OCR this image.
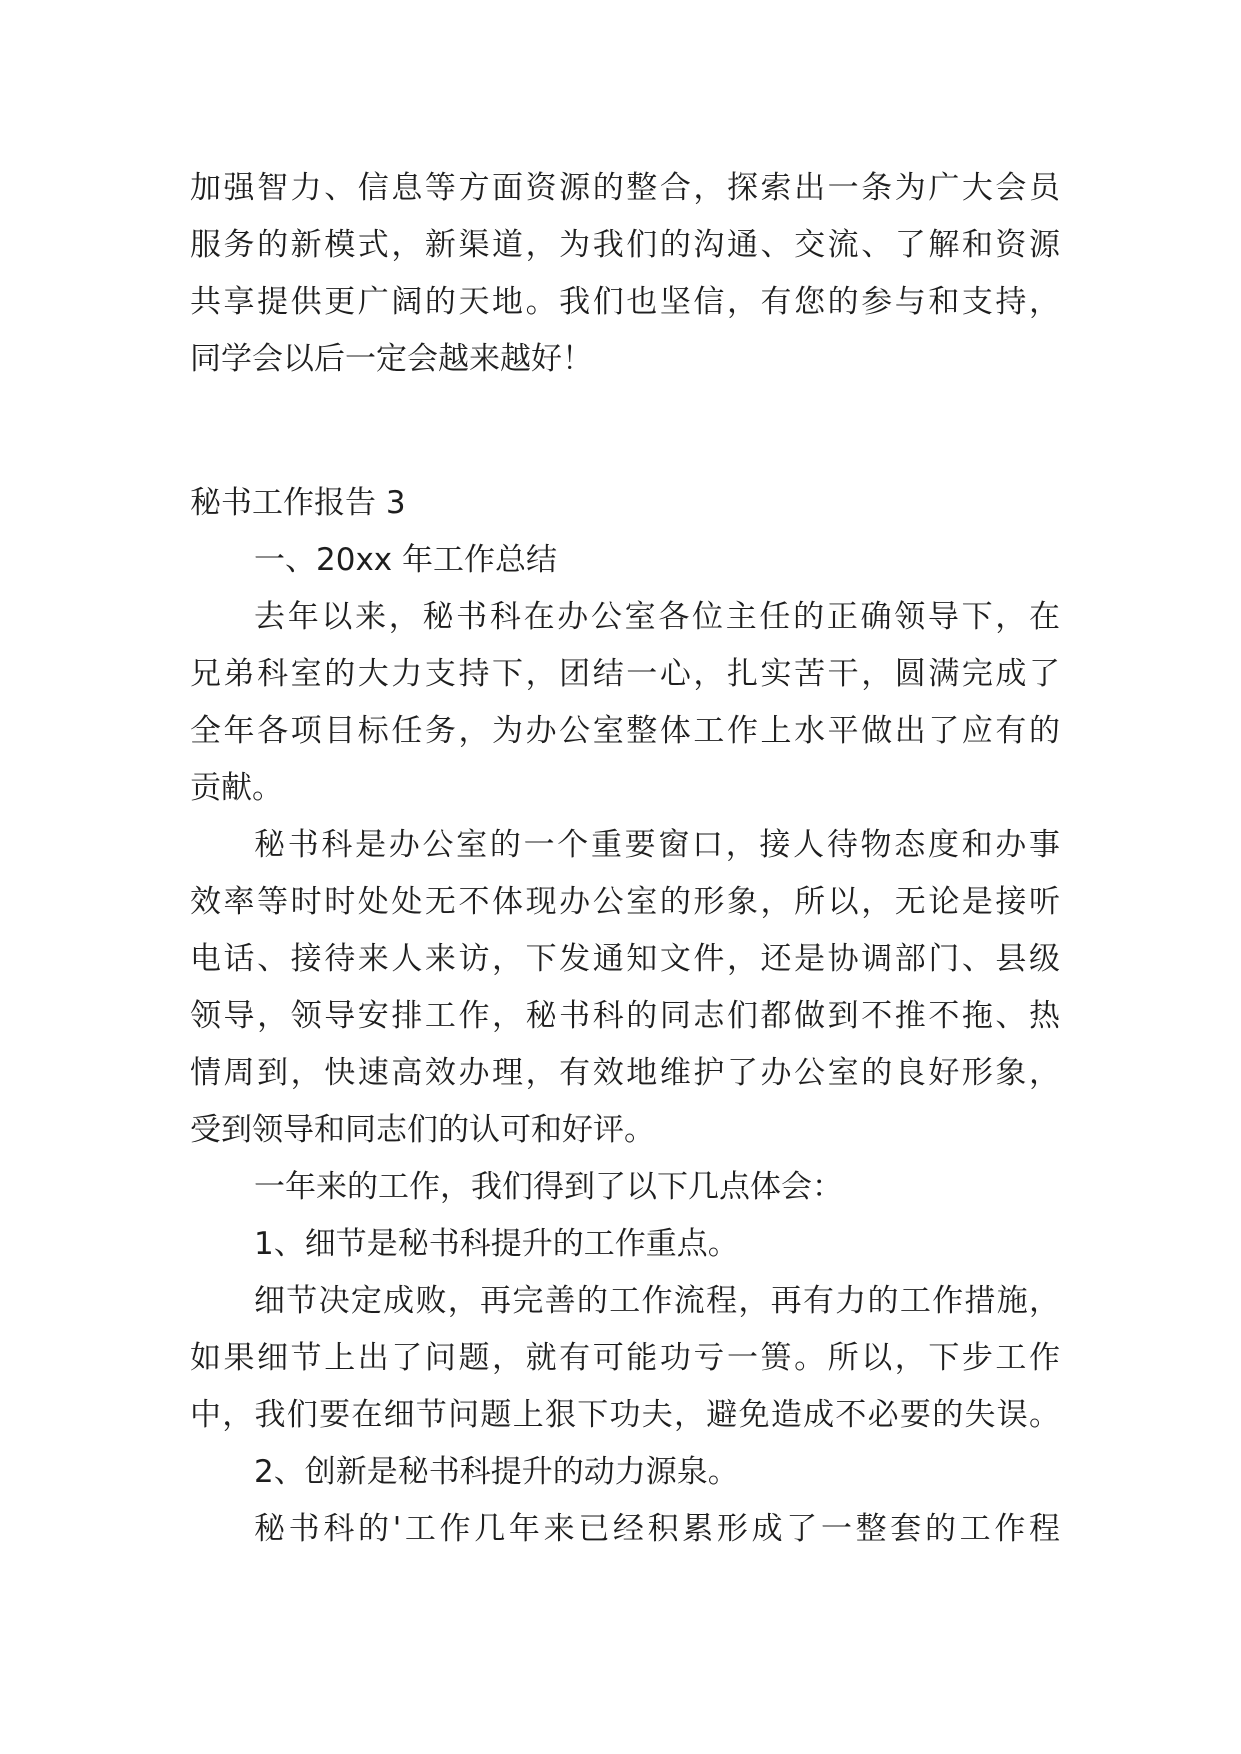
加强智力、信息等方面资源的整合，探索出一条为广大会员
服务的新模式，新渠道，为我们的沟通、交流、了解和资源
共享提供更广阔的天地。我们也坚信，有您的参与和支持，
同学会以后一定会越来越好！
秘书工作报告 3
一、20xx 年工作总结
去年以来，秘书科在办公室各位主任的正确领导下，在
兄弟科室的大力支持下，团结一心，扎实苦干，圆满完成了
全年各项目标任务，为办公室整体工作上水平做出了应有的
贡献。
秘书科是办公室的一个重要窗口，接人待物态度和办事
效率等时时处处无不体现办公室的形象，所以，无论是接听
电话、接待来人来访，下发通知文件，还是协调部门、县级
领导，领导安排工作，秘书科的同志们都做到不推不拖、热
情周到，快速高效办理，有效地维护了办公室的良好形象，
受到领导和同志们的认可和好评。
一年来的工作，我们得到了以下几点体会：
1、细节是秘书科提升的工作重点。
细节决定成败，再完善的工作流程，再有力的工作措施，
如果细节上出了问题，就有可能功亏一篑。所以，下步工作
中，我们要在细节问题上狠下功夫，避免造成不必要的失误。
2、创新是秘书科提升的动力源泉。
秘书科的'工作几年来已经积累形成了一整套的工作程
